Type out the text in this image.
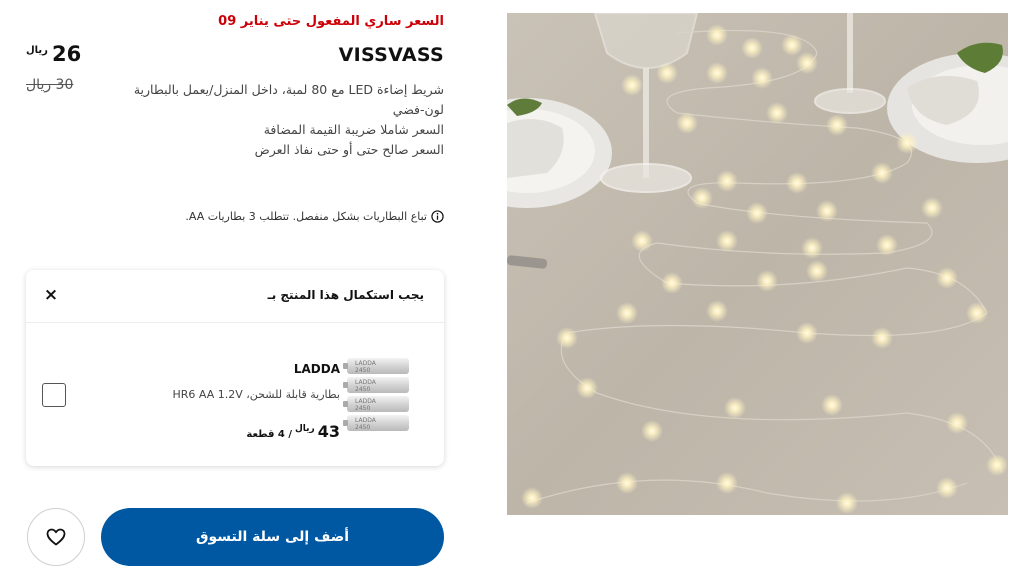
السعر ساري المفعول حتى يناير 09
26
ريال	VISSVASS
30 ريال	شريط إضاءة LED مع 80 لمبة، داخل المنزل/يعمل بالبطارية
لون-فضي
السعر شاملا ضريبة القيمة المضافة
السعر صالح حتى أو حتى نفاذ العرض
تباع البطاريات بشكل منفصل. تتطلب 3 بطاريات AA.
يجب استكمال هذا المنتج بـ
×
LADDA
2450
LADDA
2450
LADDA
2450
LADDA
2450
LADDA
بطارية قابلة للشحن، HR6 AA 1.2V
43
ريال
/ 4 قطعة
أضف إلى سلة التسوق
